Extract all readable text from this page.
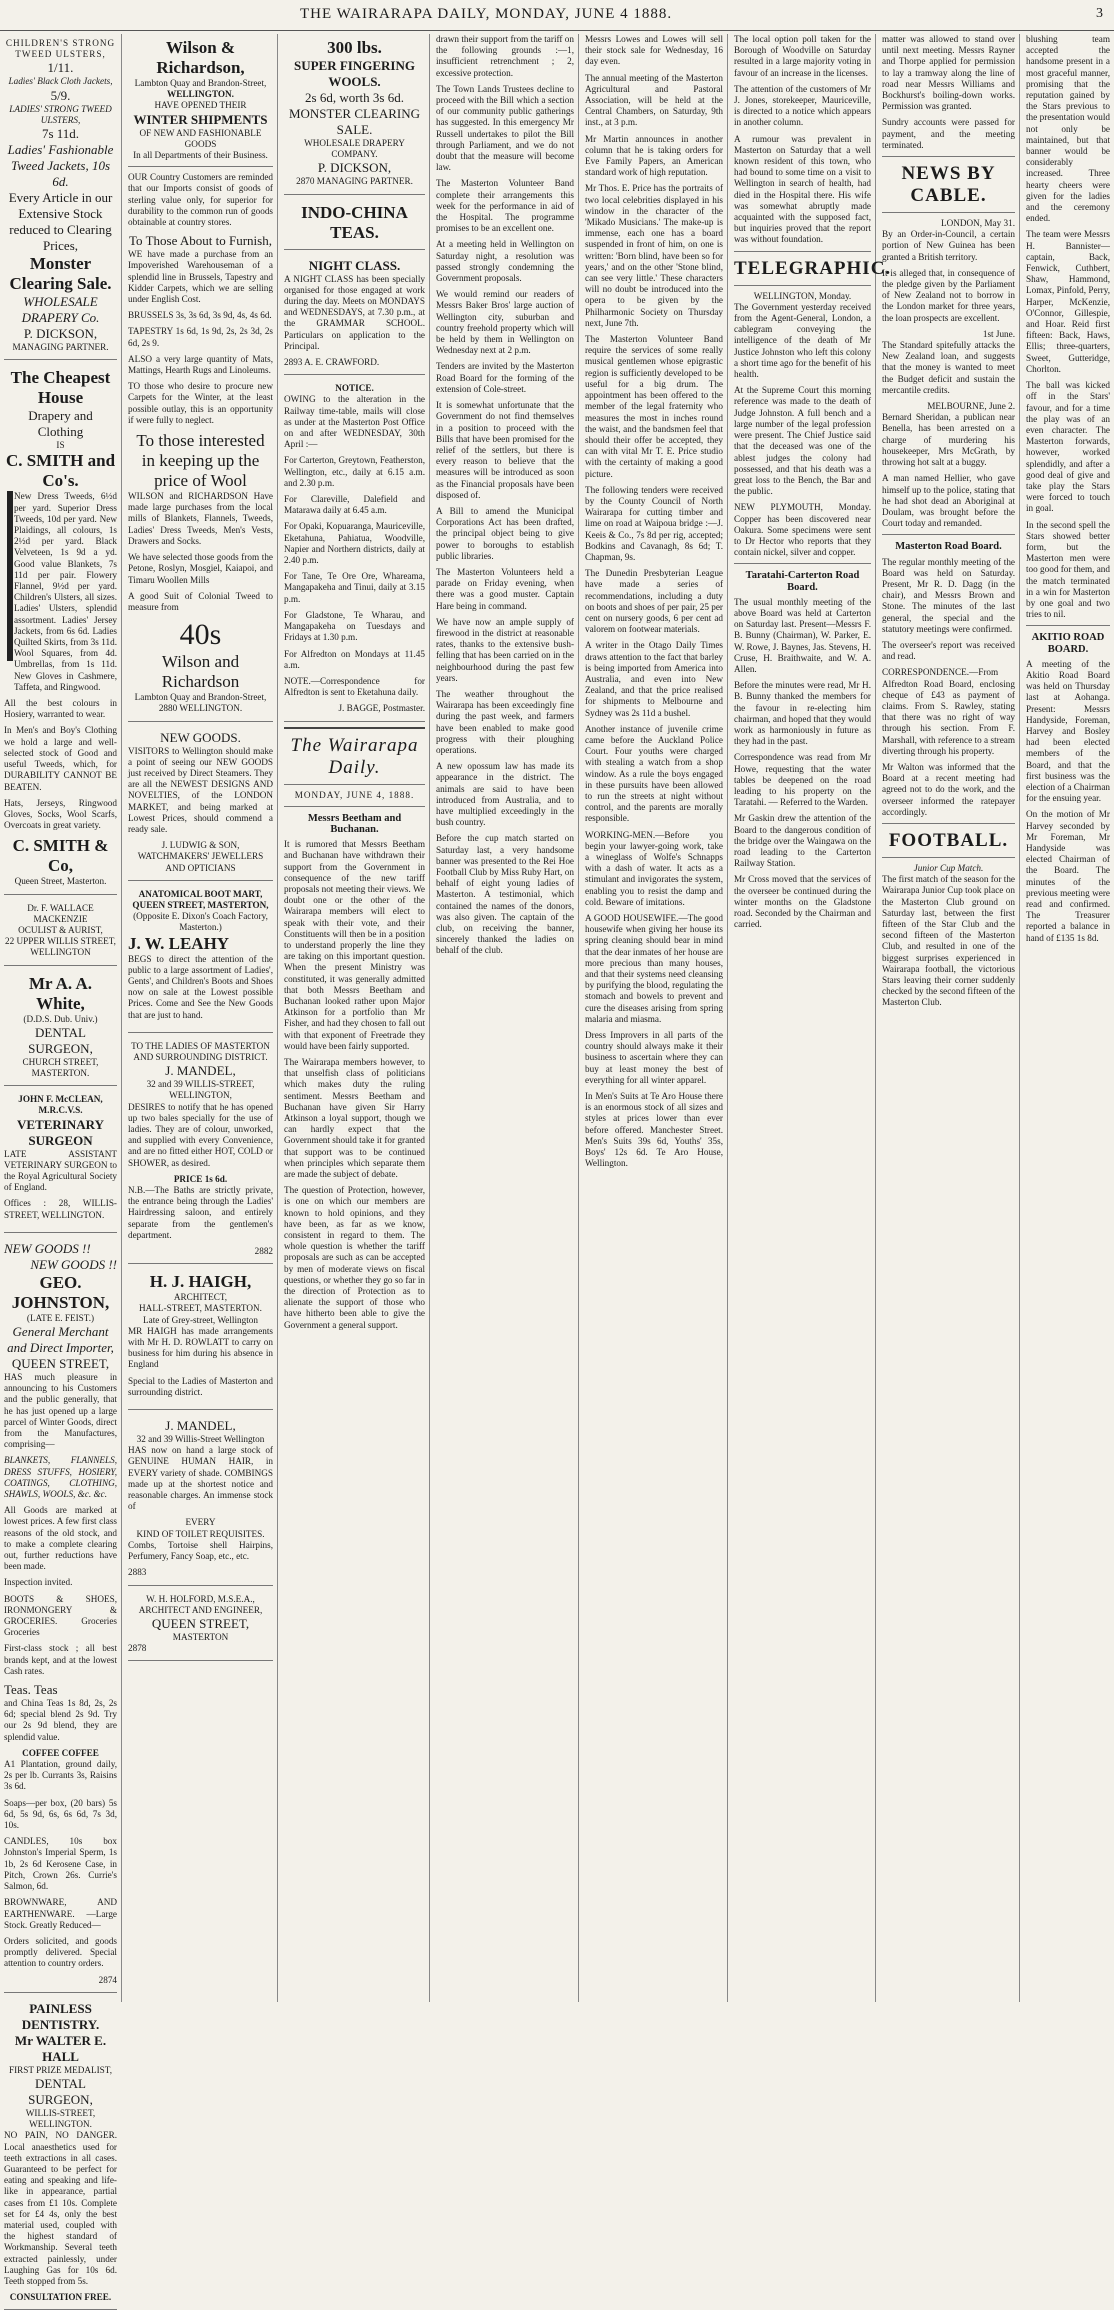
THE WAIRARAPA DAILY, MONDAY, JUNE 4 1888.	3
CHILDREN'S STRONG TWEED ULSTERS,
1/11.
Ladies' Black Cloth Jackets,
5/9.
LADIES' STRONG TWEED ULSTERS,
7s 11d.
Ladies' Fashionable Tweed Jackets, 10s 6d.
Every Article in our Extensive Stock reduced to Clearing Prices,
Monster Clearing Sale.
WHOLESALE DRAPERY Co.
P. DICKSON,
MANAGING PARTNER.
The Cheapest House
Drapery and Clothing
IS
C. SMITH and Co's.
New Dress Tweeds, 6½d per yard. Superior Dress Tweeds, 10d per yard. New Plaidings, all colours, 1s 2½d per yard. Black Velveteen, 1s 9d a yd. Good value Blankets, 7s 11d per pair. Flowery Flannel, 9½d per yard. Children's Ulsters, all sizes. Ladies' Ulsters, splendid assortment. Ladies' Jersey Jackets, from 6s 6d. Ladies Quilted Skirts, from 3s 11d. Wool Squares, from 4d. Umbrellas, from 1s 11d. New Gloves in Cashmere, Taffeta, and Ringwood.
All the best colours in Hosiery, warranted to wear.
In Men's and Boy's Clothing we hold a large and well-selected stock of Good and useful Tweeds, which, for DURABILITY CANNOT BE BEATEN.
Hats, Jerseys, Ringwood Gloves, Socks, Wool Scarfs, Overcoats in great variety.
C. SMITH & Co,
Queen Street, Masterton.
Dr. F. WALLACE MACKENZIE
OCULIST & AURIST,
22 UPPER WILLIS STREET, WELLINGTON
Mr A. A. White,
(D.D.S. Dub. Univ.)
DENTAL SURGEON,
CHURCH STREET, MASTERTON.
JOHN F. McCLEAN, M.R.C.V.S.
VETERINARY SURGEON
LATE ASSISTANT VETERINARY SURGEON to the Royal Agricultural Society of England.
Offices : 28, WILLIS-STREET, WELLINGTON.
NEW GOODS !!
NEW GOODS !!
GEO. JOHNSTON,
(LATE E. FEIST.)
General Merchant and Direct Importer,
QUEEN STREET,
HAS much pleasure in announcing to his Customers and the public generally, that he has just opened up a large parcel of Winter Goods, direct from the Manufactures, comprising—
BLANKETS, FLANNELS, DRESS STUFFS, HOSIERY, COATINGS, CLOTHING, SHAWLS, WOOLS, &c. &c.
All Goods are marked at lowest prices. A few first class reasons of the old stock, and to make a complete clearing out, further reductions have been made.
Inspection invited.
BOOTS & SHOES, IRONMONGERY & GROCERIES. Groceries Groceries
First-class stock ; all best brands kept, and at the lowest Cash rates.
Teas. Teas
and China Teas 1s 8d, 2s, 2s 6d; special blend 2s 9d. Try our 2s 9d blend, they are splendid value.
COFFEE COFFEE
A1 Plantation, ground daily, 2s per lb. Currants 3s, Raisins 3s 6d.
Soaps—per box, (20 bars) 5s 6d, 5s 9d, 6s, 6s 6d, 7s 3d, 10s.
CANDLES, 10s box Johnston's Imperial Sperm, 1s 1b, 2s 6d Kerosene Case, in Pitch, Crown 26s. Currie's Salmon, 6d.
BROWNWARE, AND EARTHENWARE. —Large Stock. Greatly Reduced—
Orders solicited, and goods promptly delivered. Special attention to country orders.
2874
PAINLESS DENTISTRY.
Mr WALTER E. HALL
FIRST PRIZE MEDALIST,
DENTAL SURGEON,
WILLIS-STREET, WELLINGTON.
NO PAIN, NO DANGER. Local anaesthetics used for teeth extractions in all cases. Guaranteed to be perfect for eating and speaking and life-like in appearance, partial cases from £1 10s. Complete set for £4 4s, only the best material used, coupled with the highest standard of Workmanship. Several teeth extracted painlessly, under Laughing Gas for 10s 6d. Teeth stopped from 5s.
CONSULTATION FREE.
Wilson & Richardson,
Lambton Quay and Brandon-Street,
WELLINGTON.
HAVE OPENED THEIR
WINTER SHIPMENTS
OF NEW AND FASHIONABLE GOODS
In all Departments of their Business.
OUR Country Customers are reminded that our Imports consist of goods of sterling value only, for superior for durability to the common run of goods obtainable at country stores.
To Those About to Furnish,
WE have made a purchase from an Impoverished Warehouseman of a splendid line in Brussels, Tapestry and Kidder Carpets, which we are selling under English Cost.
BRUSSELS 3s, 3s 6d, 3s 9d, 4s, 4s 6d.
TAPESTRY 1s 6d, 1s 9d, 2s, 2s 3d, 2s 6d, 2s 9.
ALSO a very large quantity of Mats, Mattings, Hearth Rugs and Linoleums.
TO those who desire to procure new Carpets for the Winter, at the least possible outlay, this is an opportunity if were fully to neglect.
To those interested in keeping up the price of Wool
WILSON and RICHARDSON Have made large purchases from the local mills of Blankets, Flannels, Tweeds, Ladies' Dress Tweeds, Men's Vests, Drawers and Socks.
We have selected those goods from the Petone, Roslyn, Mosgiel, Kaiapoi, and Timaru Woollen Mills
A good Suit of Colonial Tweed to measure from
40s
Wilson and Richardson
Lambton Quay and Brandon-Street,
2880 WELLINGTON.
NEW GOODS.
VISITORS to Wellington should make a point of seeing our NEW GOODS just received by Direct Steamers. They are all the NEWEST DESIGNS AND NOVELTIES, of the LONDON MARKET, and being marked at Lowest Prices, should commend a ready sale.
J. LUDWIG & SON,
WATCHMAKERS' JEWELLERS AND OPTICIANS
ANATOMICAL BOOT MART, QUEEN STREET, MASTERTON,
(Opposite E. Dixon's Coach Factory, Masterton.)
J. W. LEAHY
BEGS to direct the attention of the public to a large assortment of Ladies', Gents', and Children's Boots and Shoes now on sale at the Lowest possible Prices. Come and See the New Goods that are just to hand.
TO THE LADIES OF MASTERTON AND SURROUNDING DISTRICT.
J. MANDEL,
32 and 39 WILLIS-STREET, WELLINGTON,
DESIRES to notify that he has opened up two bales specially for the use of ladies. They are of colour, unworked, and supplied with every Convenience, and are no fitted either HOT, COLD or SHOWER, as desired.
PRICE 1s 6d.
N.B.—The Baths are strictly private, the entrance being through the Ladies' Hairdressing saloon, and entirely separate from the gentlemen's department.
2882
H. J. HAIGH,
ARCHITECT,
HALL-STREET, MASTERTON.
Late of Grey-street, Wellington
MR HAIGH has made arrangements with Mr H. D. ROWLATT to carry on business for him during his absence in England
Special to the Ladies of Masterton and surrounding district.
J. MANDEL,
32 and 39 Willis-Street Wellington
HAS now on hand a large stock of GENUINE HUMAN HAIR, in EVERY variety of shade. COMBINGS made up at the shortest notice and reasonable charges. An immense stock of
EVERY
KIND OF TOILET REQUISITES.
Combs, Tortoise shell Hairpins, Perfumery, Fancy Soap, etc., etc.
2883
W. H. HOLFORD, M.S.E.A.,
ARCHITECT AND ENGINEER,
QUEEN STREET,
MASTERTON
2878
300 lbs.
SUPER FINGERING WOOLS.
2s 6d, worth 3s 6d.
MONSTER CLEARING SALE.
WHOLESALE DRAPERY COMPANY.
P. DICKSON,
2870 MANAGING PARTNER.
INDO-CHINA TEAS.
NIGHT CLASS.
A NIGHT CLASS has been specially organised for those engaged at work during the day. Meets on MONDAYS and WEDNESDAYS, at 7.30 p.m., at the GRAMMAR SCHOOL. Particulars on application to the Principal.
2893 A. E. CRAWFORD.
NOTICE.
OWING to the alteration in the Railway time-table, mails will close as under at the Masterton Post Office on and after WEDNESDAY, 30th April :—
For Carterton, Greytown, Featherston, Wellington, etc., daily at 6.15 a.m. and 2.30 p.m.
For Clareville, Dalefield and Matarawa daily at 6.45 a.m.
For Opaki, Kopuaranga, Mauriceville, Eketahuna, Pahiatua, Woodville, Napier and Northern districts, daily at 2.40 p.m.
For Tane, Te Ore Ore, Whareama, Mangapakeha and Tinui, daily at 3.15 p.m.
For Gladstone, Te Wharau, and Mangapakeha on Tuesdays and Fridays at 1.30 p.m.
For Alfredton on Mondays at 11.45 a.m.
NOTE.—Correspondence for Alfredton is sent to Eketahuna daily.
J. BAGGE, Postmaster.
The Wairarapa Daily.
MONDAY, JUNE 4, 1888.
Messrs Beetham and Buchanan.
It is rumored that Messrs Beetham and Buchanan have withdrawn their support from the Government in consequence of the new tariff proposals not meeting their views. We doubt one or the other of the Wairarapa members will elect to speak with their vote, and their Constituents will then be in a position to understand properly the line they are taking on this important question. When the present Ministry was constituted, it was generally admitted that both Messrs Beetham and Buchanan looked rather upon Major Atkinson for a portfolio than Mr Fisher, and had they chosen to fall out with that exponent of Freetrade they would have been fairly supported.
The Wairarapa members however, to that unselfish class of politicians which makes duty the ruling sentiment. Messrs Beetham and Buchanan have given Sir Harry Atkinson a loyal support, though we can hardly expect that the Government should take it for granted that support was to be continued when principles which separate them are made the subject of debate.
The question of Protection, however, is one on which our members are known to hold opinions, and they have been, as far as we know, consistent in regard to them. The whole question is whether the tariff proposals are such as can be accepted by men of moderate views on fiscal questions, or whether they go so far in the direction of Protection as to alienate the support of those who have hitherto been able to give the Government a general support.
drawn their support from the tariff on the following grounds :—1, insufficient retrenchment ; 2, excessive protection.
The Town Lands Trustees decline to proceed with the Bill which a section of our community public gatherings has suggested. In this emergency Mr Russell undertakes to pilot the Bill through Parliament, and we do not doubt that the measure will become law.
The Masterton Volunteer Band complete their arrangements this week for the performance in aid of the Hospital. The programme promises to be an excellent one.
At a meeting held in Wellington on Saturday night, a resolution was passed strongly condemning the Government proposals.
We would remind our readers of Messrs Baker Bros' large auction of Wellington city, suburban and country freehold property which will be held by them in Wellington on Wednesday next at 2 p.m.
Tenders are invited by the Masterton Road Board for the forming of the extension of Cole-street.
It is somewhat unfortunate that the Government do not find themselves in a position to proceed with the Bills that have been promised for the relief of the settlers, but there is every reason to believe that the measures will be introduced as soon as the Financial proposals have been disposed of.
A Bill to amend the Municipal Corporations Act has been drafted, the principal object being to give power to boroughs to establish public libraries.
The Masterton Volunteers held a parade on Friday evening, when there was a good muster. Captain Hare being in command.
We have now an ample supply of firewood in the district at reasonable rates, thanks to the extensive bush-felling that has been carried on in the neighbourhood during the past few years.
The weather throughout the Wairarapa has been exceedingly fine during the past week, and farmers have been enabled to make good progress with their ploughing operations.
A new opossum law has made its appearance in the district. The animals are said to have been introduced from Australia, and to have multiplied exceedingly in the bush country.
Before the cup match started on Saturday last, a very handsome banner was presented to the Rei Hoe Football Club by Miss Ruby Hart, on behalf of eight young ladies of Masterton. A testimonial, which contained the names of the donors, was also given. The captain of the club, on receiving the banner, sincerely thanked the ladies on behalf of the club.
Messrs Lowes and Lowes will sell their stock sale for Wednesday, 16 day even.
The annual meeting of the Masterton Agricultural and Pastoral Association, will be held at the Central Chambers, on Saturday, 9th inst., at 3 p.m.
Mr Martin announces in another column that he is taking orders for Eve Family Papers, an American standard work of high reputation.
Mr Thos. E. Price has the portraits of two local celebrities displayed in his window in the character of the 'Mikado Musicians.' The make-up is immense, each one has a board suspended in front of him, on one is written: 'Born blind, have been so for years,' and on the other 'Stone blind, can see very little.' These characters will no doubt be introduced into the opera to be given by the Philharmonic Society on Thursday next, June 7th.
The Masterton Volunteer Band require the services of some really musical gentlemen whose epigrastic region is sufficiently developed to be useful for a big drum. The appointment has been offered to the member of the legal fraternity who measures the most in inches round the waist, and the bandsmen feel that should their offer be accepted, they can with vital Mr T. E. Price studio with the certainty of making a good picture.
The following tenders were received by the County Council of North Wairarapa for cutting timber and lime on road at Waipoua bridge :—J. Keeis & Co., 7s 8d per rig, accepted; Bodkins and Cavanagh, 8s 6d; T. Chapman, 9s.
The Dunedin Presbyterian League have made a series of recommendations, including a duty on boots and shoes of per pair, 25 per cent on nursery goods, 6 per cent ad valorem on footwear materials.
A writer in the Otago Daily Times draws attention to the fact that barley is being imported from America into Australia, and even into New Zealand, and that the price realised for shipments to Melbourne and Sydney was 2s 11d a bushel.
Another instance of juvenile crime came before the Auckland Police Court. Four youths were charged with stealing a watch from a shop window. As a rule the boys engaged in these pursuits have been allowed to run the streets at night without control, and the parents are morally responsible.
WORKING-MEN.—Before you begin your lawyer-going work, take a wineglass of Wolfe's Schnapps with a dash of water. It acts as a stimulant and invigorates the system, enabling you to resist the damp and cold. Beware of imitations.
A GOOD HOUSEWIFE.—The good housewife when giving her house its spring cleaning should bear in mind that the dear inmates of her house are more precious than many houses, and that their systems need cleansing by purifying the blood, regulating the stomach and bowels to prevent and cure the diseases arising from spring malaria and miasma.
Dress Improvers in all parts of the country should always make it their business to ascertain where they can buy at least money the best of everything for all winter apparel.
In Men's Suits at Te Aro House there is an enormous stock of all sizes and styles at prices lower than ever before offered. Manchester Street. Men's Suits 39s 6d, Youths' 35s, Boys' 12s 6d. Te Aro House, Wellington.
The local option poll taken for the Borough of Woodville on Saturday resulted in a large majority voting in favour of an increase in the licenses.
The attention of the customers of Mr J. Jones, storekeeper, Mauriceville, is directed to a notice which appears in another column.
A rumour was prevalent in Masterton on Saturday that a well known resident of this town, who had bound to some time on a visit to Wellington in search of health, had died in the Hospital there. His wife was somewhat abruptly made acquainted with the supposed fact, but inquiries proved that the report was without foundation.
TELEGRAPHIC.
WELLINGTON, Monday.
The Government yesterday received from the Agent-General, London, a cablegram conveying the intelligence of the death of Mr Justice Johnston who left this colony a short time ago for the benefit of his health.
At the Supreme Court this morning reference was made to the death of Judge Johnston. A full bench and a large number of the legal profession were present. The Chief Justice said that the deceased was one of the ablest judges the colony had possessed, and that his death was a great loss to the Bench, the Bar and the public.
NEW PLYMOUTH, Monday. Copper has been discovered near Oakura. Some specimens were sent to Dr Hector who reports that they contain nickel, silver and copper.
Taratahi-Carterton Road Board.
The usual monthly meeting of the above Board was held at Carterton on Saturday last. Present—Messrs F. B. Bunny (Chairman), W. Parker, E. W. Rowe, J. Baynes, Jas. Stevens, H. Cruse, H. Braithwaite, and W. A. Allen.
Before the minutes were read, Mr H. B. Bunny thanked the members for the favour in re-electing him chairman, and hoped that they would work as harmoniously in future as they had in the past.
Correspondence was read from Mr Howe, requesting that the water tables be deepened on the road leading to his property on the Taratahi. — Referred to the Warden.
Mr Gaskin drew the attention of the Board to the dangerous condition of the bridge over the Waingawa on the road leading to the Carterton Railway Station.
Mr Cross moved that the services of the overseer be continued during the winter months on the Gladstone road. Seconded by the Chairman and carried.
matter was allowed to stand over until next meeting. Messrs Rayner and Thorpe applied for permission to lay a tramway along the line of road near Messrs Williams and Bockhurst's boiling-down works. Permission was granted.
Sundry accounts were passed for payment, and the meeting terminated.
NEWS BY CABLE.
LONDON, May 31.
By an Order-in-Council, a certain portion of New Guinea has been granted a British territory.
It is alleged that, in consequence of the pledge given by the Parliament of New Zealand not to borrow in the London market for three years, the loan prospects are excellent.
1st June.
The Standard spitefully attacks the New Zealand loan, and suggests that the money is wanted to meet the Budget deficit and sustain the mercantile credits.
MELBOURNE, June 2.
Bernard Sheridan, a publican near Benella, has been arrested on a charge of murdering his housekeeper, Mrs McGrath, by throwing hot salt at a buggy.
A man named Hellier, who gave himself up to the police, stating that he had shot dead an Aboriginal at Doulam, was brought before the Court today and remanded.
Masterton Road Board.
The regular monthly meeting of the Board was held on Saturday. Present, Mr R. D. Dagg (in the chair), and Messrs Brown and Stone. The minutes of the last general, the special and the statutory meetings were confirmed.
The overseer's report was received and read.
CORRESPONDENCE.—From Alfredton Road Board, enclosing cheque of £43 as payment of claims. From S. Rawley, stating that there was no right of way through his section. From F. Marshall, with reference to a stream diverting through his property.
Mr Walton was informed that the Board at a recent meeting had agreed not to do the work, and the overseer informed the ratepayer accordingly.
FOOTBALL.
Junior Cup Match.
The first match of the season for the Wairarapa Junior Cup took place on the Masterton Club ground on Saturday last, between the first fifteen of the Star Club and the second fifteen of the Masterton Club, and resulted in one of the biggest surprises experienced in Wairarapa football, the victorious Stars leaving their corner suddenly checked by the second fifteen of the Masterton Club.
blushing team accepted the handsome present in a most graceful manner, promising that the reputation gained by the Stars previous to the presentation would not only be maintained, but that banner would be considerably increased. Three hearty cheers were given for the ladies and the ceremony ended.
The team were Messrs H. Bannister—captain, Back, Fenwick, Cuthbert, Shaw, Hammond, Lomax, Pinfold, Perry, Harper, McKenzie, O'Connor, Gillespie, and Hoar. Reid first fifteen: Back, Haws, Ellis; three-quarters, Sweet, Gutteridge, Chorlton.
The ball was kicked off in the Stars' favour, and for a time the play was of an even character. The Masterton forwards, however, worked splendidly, and after a good deal of give and take play the Stars were forced to touch in goal.
In the second spell the Stars showed better form, but the Masterton men were too good for them, and the match terminated in a win for Masterton by one goal and two tries to nil.
AKITIO ROAD BOARD.
A meeting of the Akitio Road Board was held on Thursday last at Aohanga. Present: Messrs Handyside, Foreman, Harvey and Bosley had been elected members of the Board, and that the first business was the election of a Chairman for the ensuing year.
On the motion of Mr Harvey seconded by Mr Foreman, Mr Handyside was elected Chairman of the Board. The minutes of the previous meeting were read and confirmed. The Treasurer reported a balance in hand of £135 1s 8d.
